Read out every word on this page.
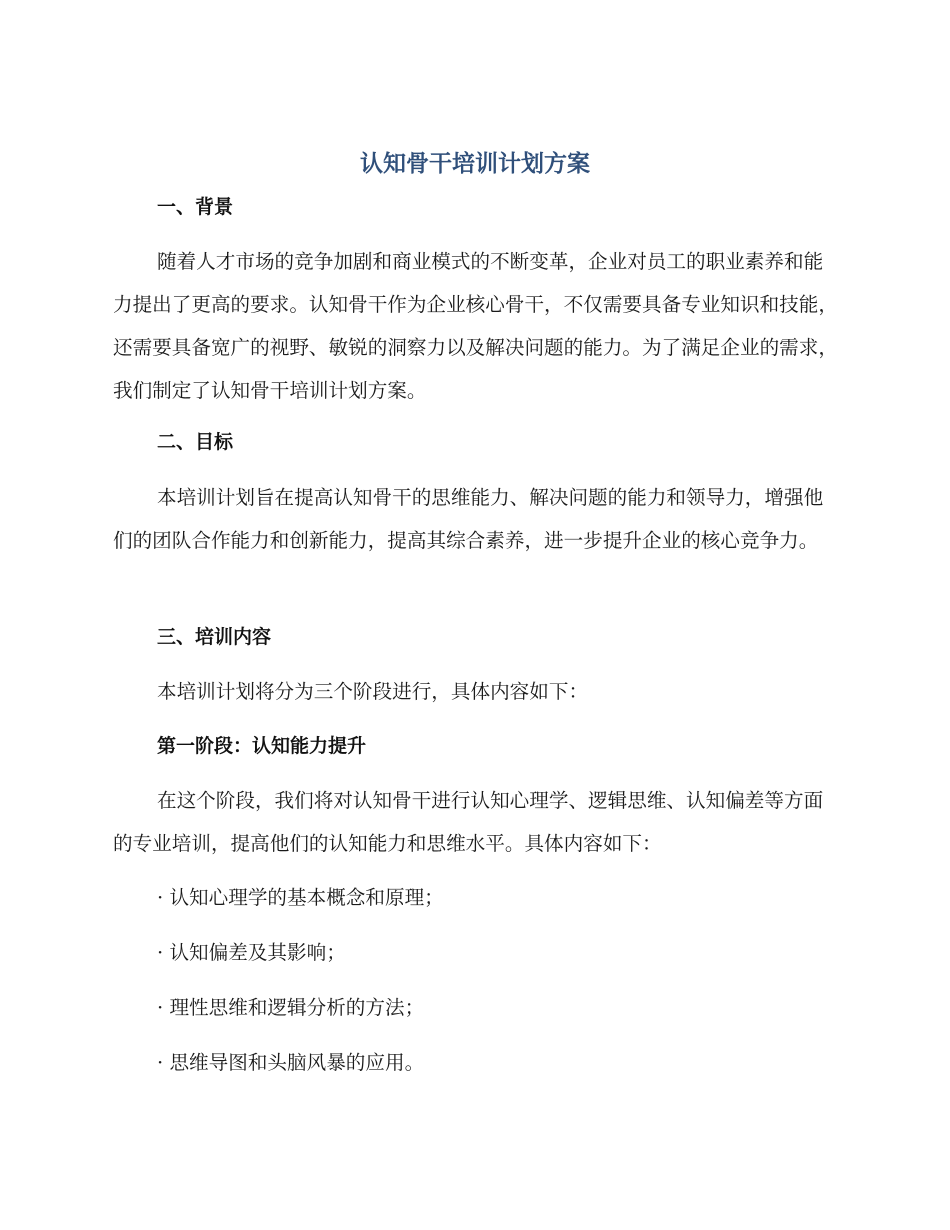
认知骨干培训计划方案
一、背景
随着人才市场的竞争加剧和商业模式的不断变革，企业对员工的职业素养和能力提出了更高的要求。认知骨干作为企业核心骨干，不仅需要具备专业知识和技能，还需要具备宽广的视野、敏锐的洞察力以及解决问题的能力。为了满足企业的需求，我们制定了认知骨干培训计划方案。
二、目标
本培训计划旨在提高认知骨干的思维能力、解决问题的能力和领导力，增强他们的团队合作能力和创新能力，提高其综合素养，进一步提升企业的核心竞争力。
三、培训内容
本培训计划将分为三个阶段进行，具体内容如下：
第一阶段：认知能力提升
在这个阶段，我们将对认知骨干进行认知心理学、逻辑思维、认知偏差等方面的专业培训，提高他们的认知能力和思维水平。具体内容如下：
· 认知心理学的基本概念和原理；
· 认知偏差及其影响；
· 理性思维和逻辑分析的方法；
· 思维导图和头脑风暴的应用。
